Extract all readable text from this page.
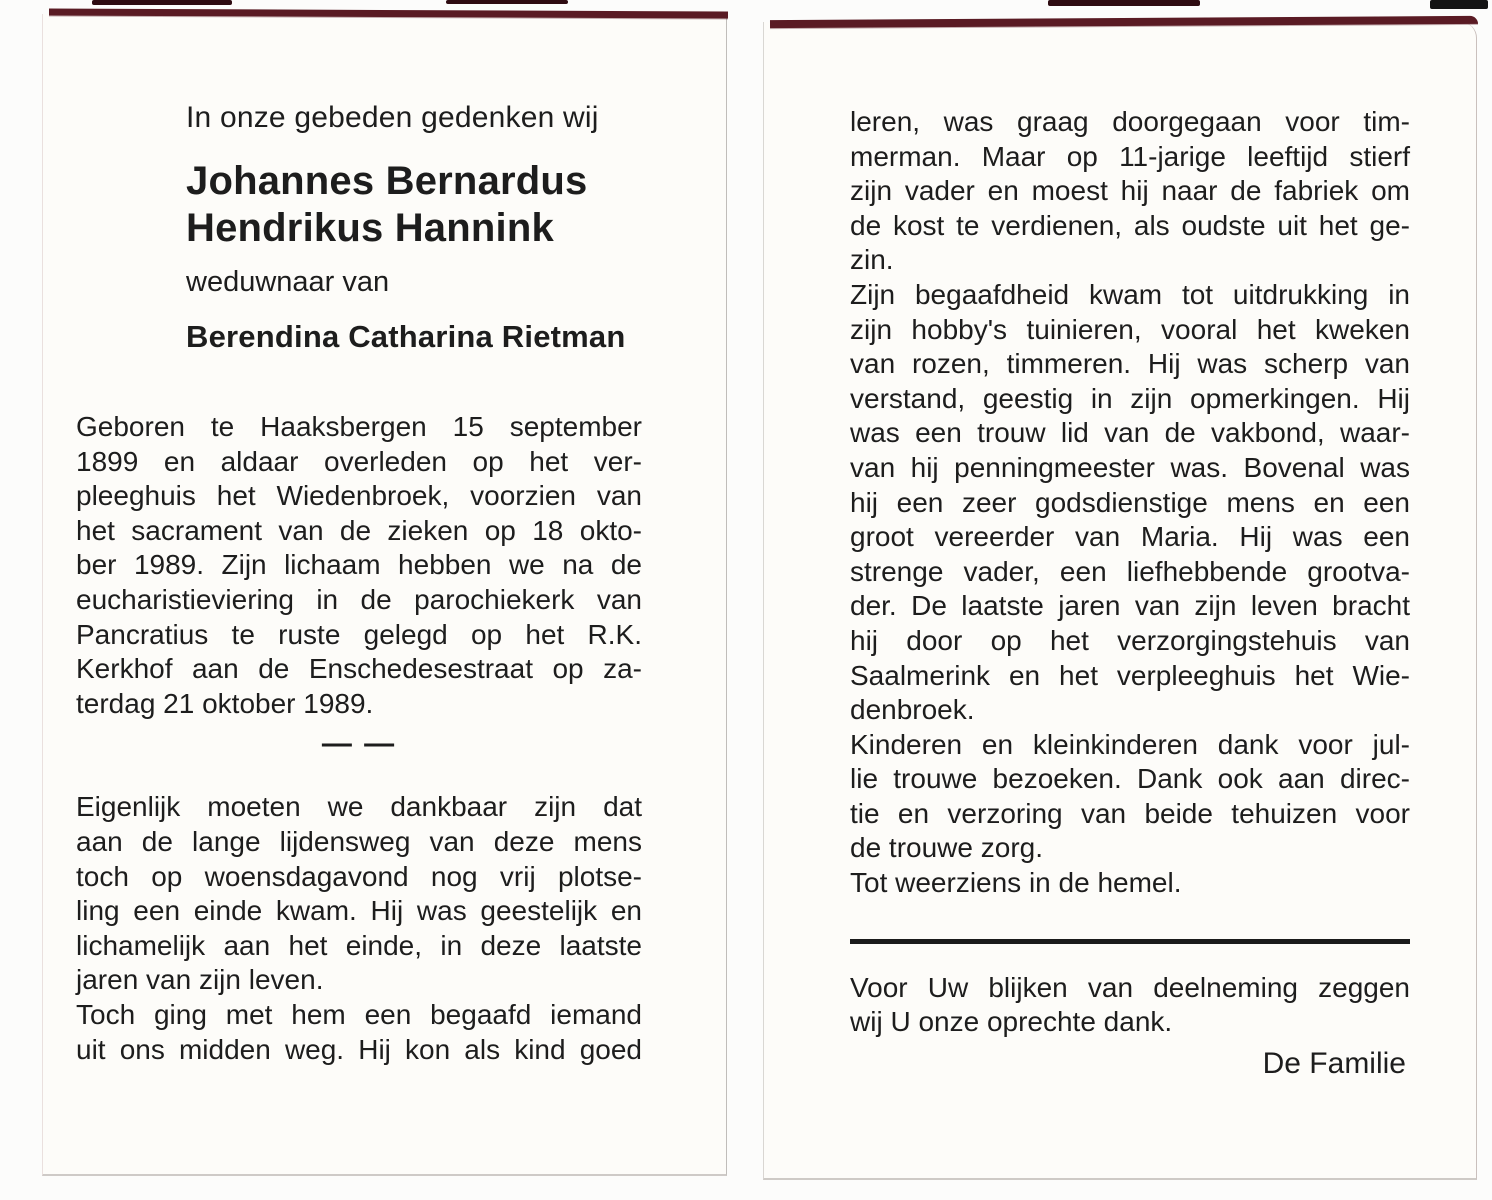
In onze gebeden gedenken wij
Johannes Bernardus
Hendrikus Hannink
weduwnaar van
Berendina Catharina Rietman
Geboren te Haaksbergen 15 september
1899 en aldaar overleden op het ver-
pleeghuis het Wiedenbroek, voorzien van
het sacrament van de zieken op 18 okto-
ber 1989. Zijn lichaam hebben we na de
eucharistieviering in de parochiekerk van
Pancratius te ruste gelegd op het R.K.
Kerkhof aan de Enschedesestraat op za-
terdag 21 oktober 1989.
— —
Eigenlijk moeten we dankbaar zijn dat
aan de lange lijdensweg van deze mens
toch op woensdagavond nog vrij plotse-
ling een einde kwam. Hij was geestelijk en
lichamelijk aan het einde, in deze laatste
jaren van zijn leven.
Toch ging met hem een begaafd iemand
uit ons midden weg. Hij kon als kind goed
leren, was graag doorgegaan voor tim-
merman. Maar op 11-jarige leeftijd stierf
zijn vader en moest hij naar de fabriek om
de kost te verdienen, als oudste uit het ge-
zin.
Zijn begaafdheid kwam tot uitdrukking in
zijn hobby's tuinieren, vooral het kweken
van rozen, timmeren. Hij was scherp van
verstand, geestig in zijn opmerkingen. Hij
was een trouw lid van de vakbond, waar-
van hij penningmeester was. Bovenal was
hij een zeer godsdienstige mens en een
groot vereerder van Maria. Hij was een
strenge vader, een liefhebbende grootva-
der. De laatste jaren van zijn leven bracht
hij door op het verzorgingstehuis van
Saalmerink en het verpleeghuis het Wie-
denbroek.
Kinderen en kleinkinderen dank voor jul-
lie trouwe bezoeken. Dank ook aan direc-
tie en verzoring van beide tehuizen voor
de trouwe zorg.
Tot weerziens in de hemel.
Voor Uw blijken van deelneming zeggen
wij U onze oprechte dank.
De Familie
